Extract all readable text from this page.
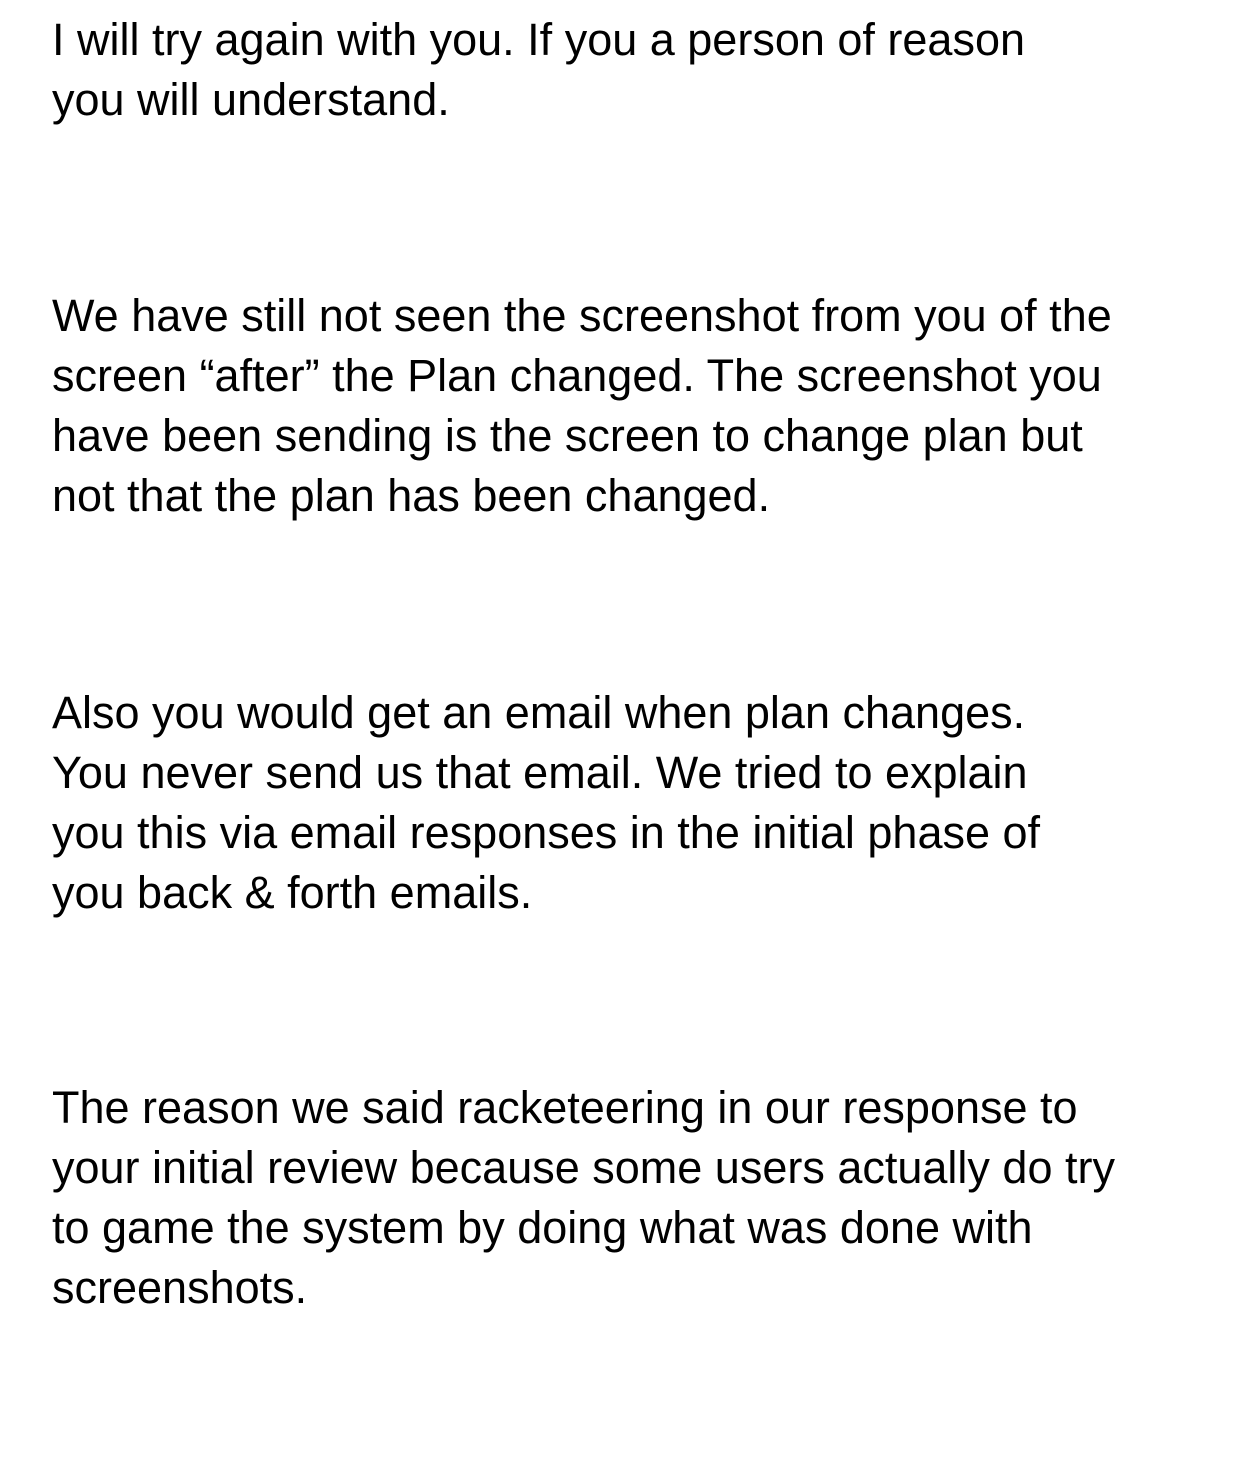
I will try again with you. If you a person of reason
you will understand.

We have still not seen the screenshot from you of the
screen “after” the Plan changed. The screenshot you
have been sending is the screen to change plan but
not that the plan has been changed.

Also you would get an email when plan changes.
You never send us that email. We tried to explain
you this via email responses in the initial phase of
you back & forth emails.

The reason we said racketeering in our response to
your initial review because some users actually do try
to game the system by doing what was done with
screenshots.
